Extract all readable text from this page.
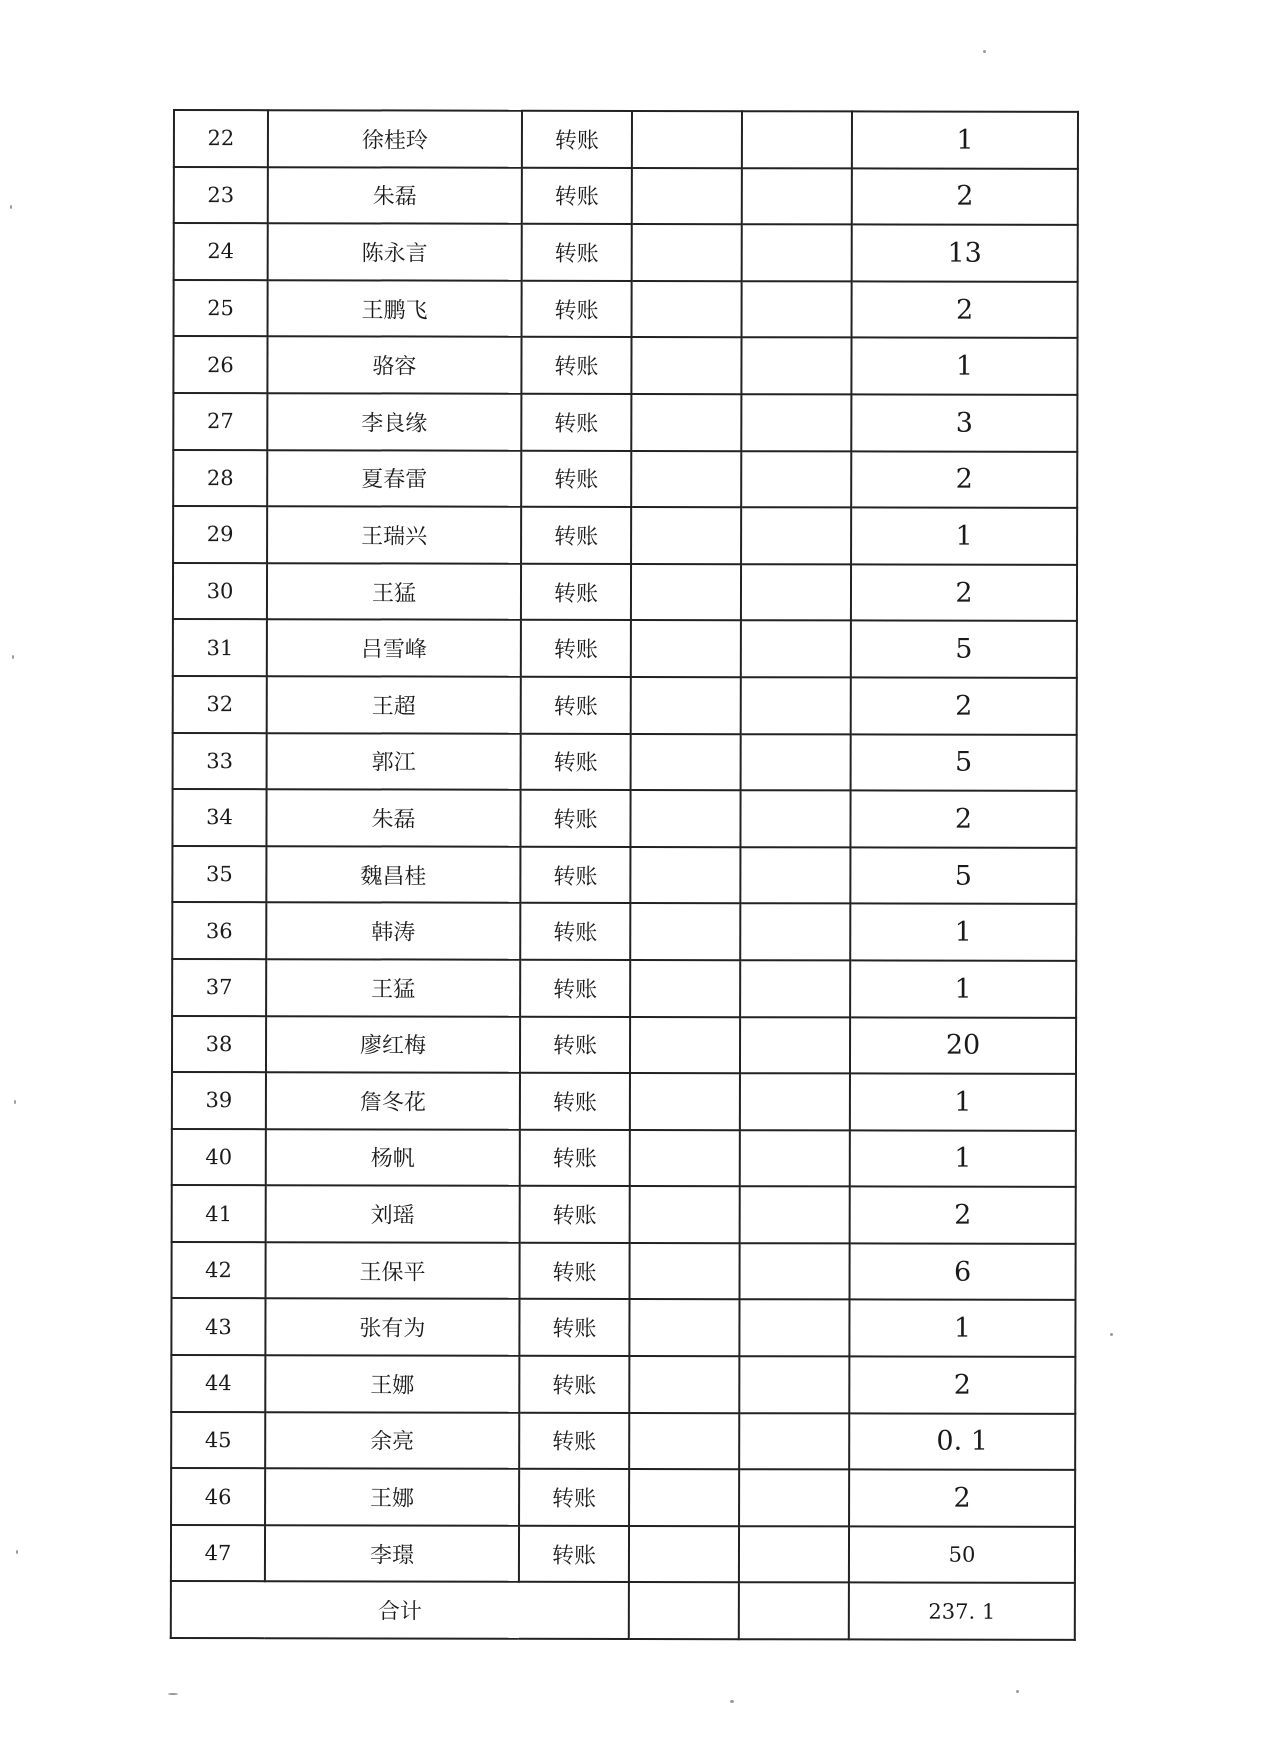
22	徐桂玲	转账			1
23	朱磊	转账			2
24	陈永言	转账			13
25	王鹏飞	转账			2
26	骆容	转账			1
27	李良缘	转账			3
28	夏春雷	转账			2
29	王瑞兴	转账			1
30	王猛	转账			2
31	吕雪峰	转账			5
32	王超	转账			2
33	郭江	转账			5
34	朱磊	转账			2
35	魏昌桂	转账			5
36	韩涛	转账			1
37	王猛	转账			1
38	廖红梅	转账			20
39	詹冬花	转账			1
40	杨帆	转账			1
41	刘瑶	转账			2
42	王保平	转账			6
43	张有为	转账			1
44	王娜	转账			2
45	余亮	转账			0. 1
46	王娜	转账			2
47	李璟	转账			50
合计					237. 1
